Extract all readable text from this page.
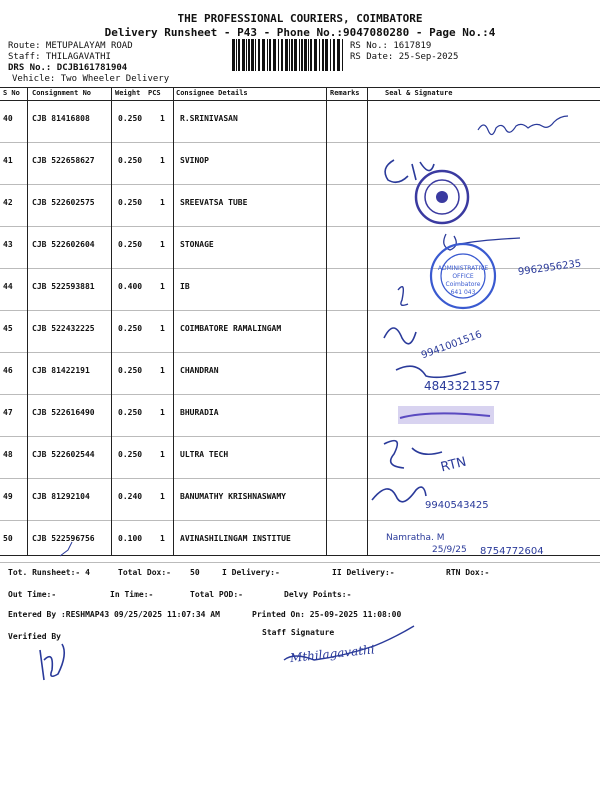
THE PROFESSIONAL COURIERS, COIMBATORE
Delivery Runsheet - P43 - Phone No.:9047080280 - Page No.:4
Route: METUPALAYAM ROAD
Staff: THILAGAVATHI
DRS No.: DCJB161781904
Vehicle: Two Wheeler Delivery
RS No.: 1617819
RS Date: 25-Sep-2025
S No Consignment No	Weight PCS Consignee Details	Remarks	Seal & Signature
40 CJB 81416808	0.250 1 R.SRINIVASAN
41 CJB 522658627	0.250 1 SVINOP
42 CJB 522602575	0.250 1 SREEVATSA TUBE
43 CJB 522602604	0.250 1 STONAGE
44 CJB 522593881	0.400 1 IB
45 CJB 522432225	0.250 1 COIMBATORE RAMALINGAM
46 CJB 81422191	0.250 1 CHANDRAN
47 CJB 522616490	0.250 1 BHURADIA
48 CJB 522602544	0.250 1 ULTRA TECH
49 CJB 81292104	0.240 1 BANUMATHY KRISHNASWAMY
50 CJB 522596756	0.100 1 AVINASHILINGAM INSTITUE
ADMINISTRATIVE
OFFICE
Coimbatore
641 043
9962956235
9941001516
4843321357
RTN
9940543425
Namratha. M
25/9/25 8754772604
Mthilagavathi
Tot. Runsheet:- 4	Total Dox:- 50	I Delivery:-	II Delivery:-	RTN Dox:-
Out Time:-	In Time:-	Total POD:-	Delvy Points:-
Entered By :RESHMAP43 09/25/2025 11:07:34 AM	Printed On: 25-09-2025 11:08:00
Verified By	Staff Signature
